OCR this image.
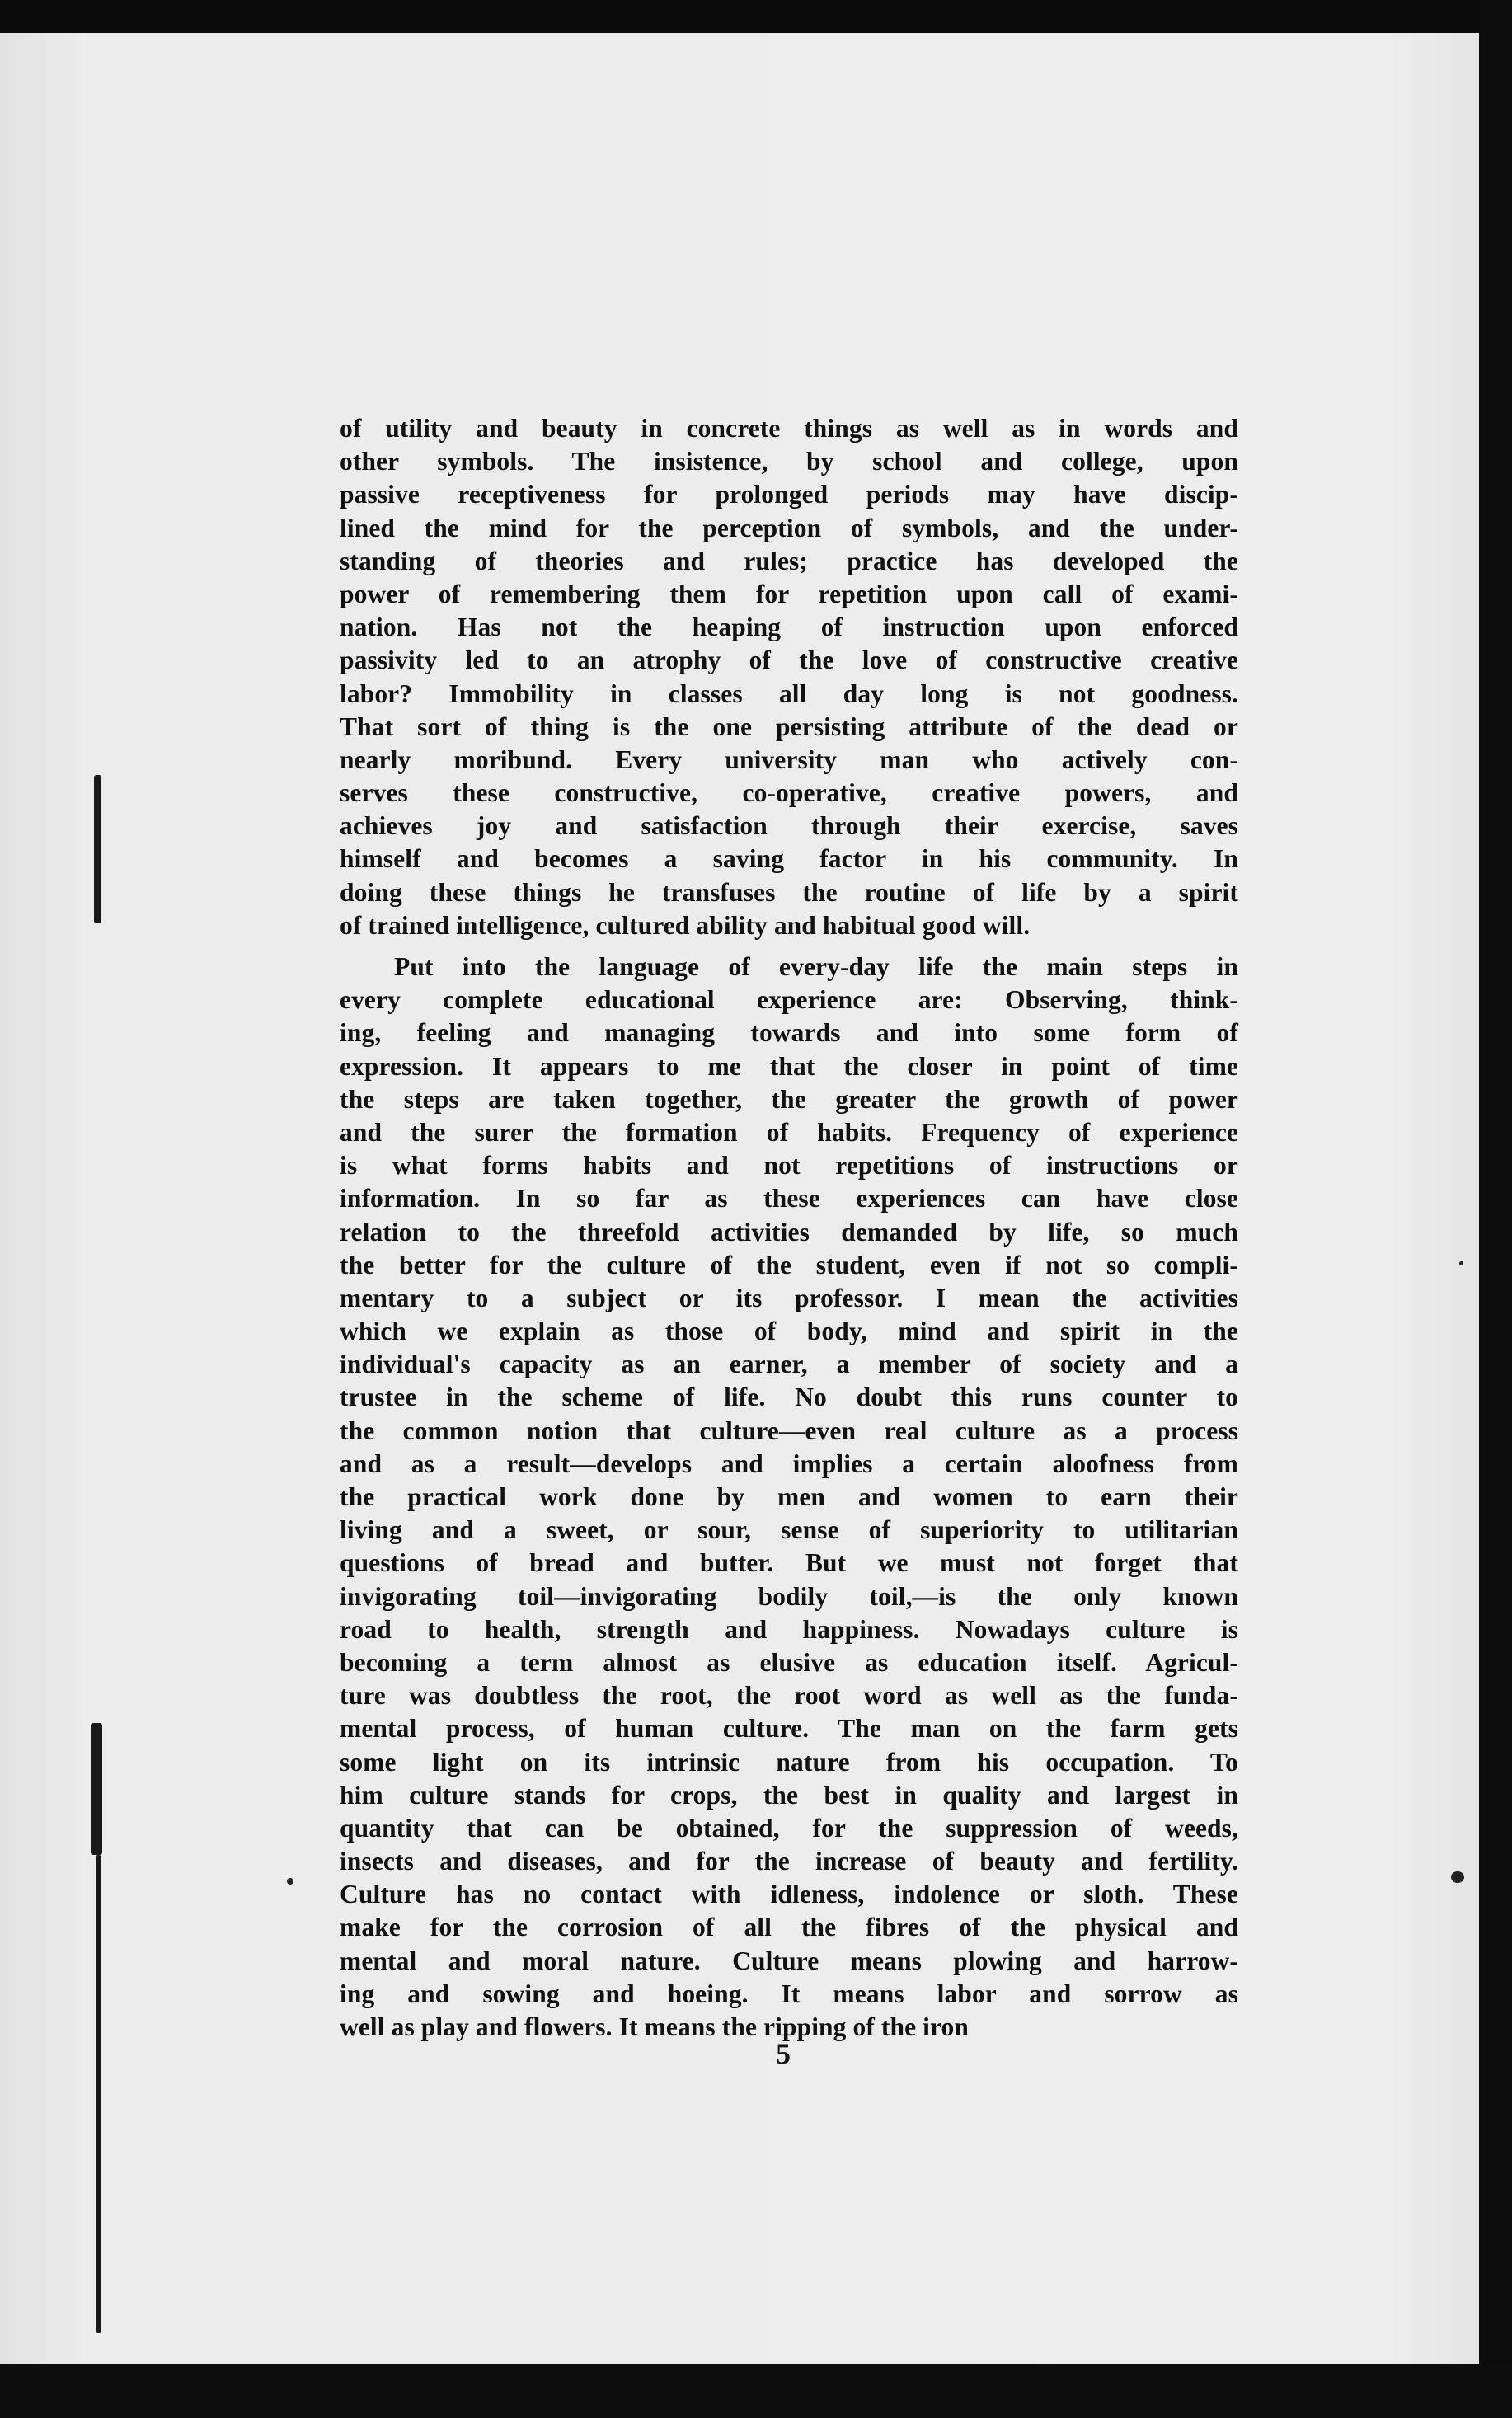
of utility and beauty in concrete things as well as in words and
other symbols. The insistence, by school and college, upon
passive receptiveness for prolonged periods may have discip-
lined the mind for the perception of symbols, and the under-
standing of theories and rules; practice has developed the
power of remembering them for repetition upon call of exami-
nation. Has not the heaping of instruction upon enforced
passivity led to an atrophy of the love of constructive creative
labor? Immobility in classes all day long is not goodness.
That sort of thing is the one persisting attribute of the dead or
nearly moribund. Every university man who actively con-
serves these constructive, co-operative, creative powers, and
achieves joy and satisfaction through their exercise, saves
himself and becomes a saving factor in his community. In
doing these things he transfuses the routine of life by a spirit
of trained intelligence, cultured ability and habitual good will.
Put into the language of every-day life the main steps in
every complete educational experience are: Observing, think-
ing, feeling and managing towards and into some form of
expression. It appears to me that the closer in point of time
the steps are taken together, the greater the growth of power
and the surer the formation of habits. Frequency of experience
is what forms habits and not repetitions of instructions or
information. In so far as these experiences can have close
relation to the threefold activities demanded by life, so much
the better for the culture of the student, even if not so compli-
mentary to a subject or its professor. I mean the activities
which we explain as those of body, mind and spirit in the
individual's capacity as an earner, a member of society and a
trustee in the scheme of life. No doubt this runs counter to
the common notion that culture—even real culture as a process
and as a result—develops and implies a certain aloofness from
the practical work done by men and women to earn their
living and a sweet, or sour, sense of superiority to utilitarian
questions of bread and butter. But we must not forget that
invigorating toil—invigorating bodily toil,—is the only known
road to health, strength and happiness. Nowadays culture is
becoming a term almost as elusive as education itself. Agricul-
ture was doubtless the root, the root word as well as the funda-
mental process, of human culture. The man on the farm gets
some light on its intrinsic nature from his occupation. To
him culture stands for crops, the best in quality and largest in
quantity that can be obtained, for the suppression of weeds,
insects and diseases, and for the increase of beauty and fertility.
Culture has no contact with idleness, indolence or sloth. These
make for the corrosion of all the fibres of the physical and
mental and moral nature. Culture means plowing and harrow-
ing and sowing and hoeing. It means labor and sorrow as
well as play and flowers. It means the ripping of the iron
5
